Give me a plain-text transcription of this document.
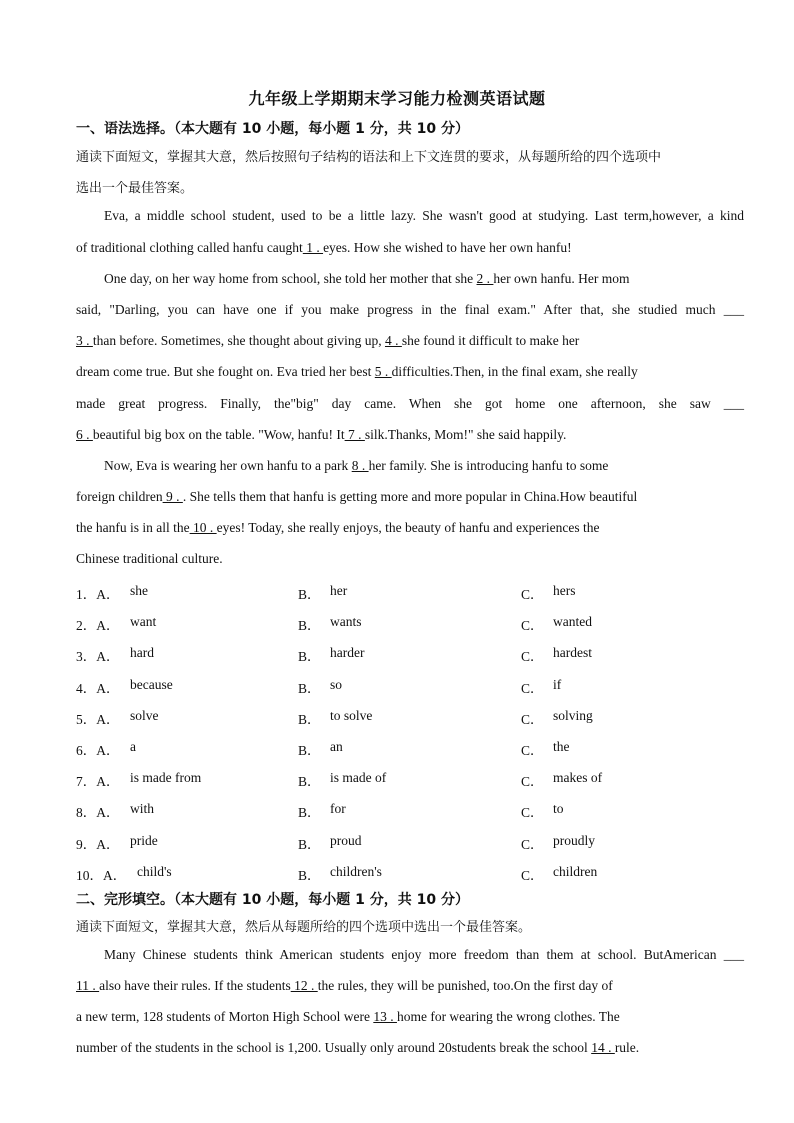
九年级上学期期末学习能力检测英语试题
一、语法选择。（本大题有 10 小题，每小题 1 分，共 10 分）
通读下面短文，掌握其大意，然后按照句子结构的语法和上下文连贯的要求，从每题所给的四个选项中
选出一个最佳答案。
Eva, a middle school student, used to be a little lazy. She wasn't good at studying. Last term,however, a kind
of traditional clothing called hanfu caught 1 . eyes. How she wished to have her own hanfu!
One day, on her way home from school, she told her mother that she 2 . her own hanfu. Her mom
said, "Darling, you can have one if you make progress in the final exam." After that, she studied much ___
3 . than before. Sometimes, she thought about giving up, 4 . she found it difficult to make her
dream come true. But she fought on. Eva tried her best 5 . difficulties.Then, in the final exam, she really
made great progress. Finally, the"big" day came. When she got home one afternoon, she saw ___
6 . beautiful big box on the table. "Wow, hanfu! It 7 . silk.Thanks, Mom!" she said happily.
Now, Eva is wearing her own hanfu to a park 8 . her family. She is introducing hanfu to some
foreign children 9 . . She tells them that hanfu is getting more and more popular in China.How beautiful
the hanfu is in all the 10 . eyes! Today, she really enjoys, the beauty of hanfu and experiences the
Chinese traditional culture.
1．A． she	B． her	C． hers
2．A． want	B． wants	C． wanted
3．A． hard	B． harder	C． hardest
4．A． because	B． so	C． if
5．A． solve	B． to solve	C． solving
6．A． a	B． an	C． the
7．A． is made from	B． is made of	C． makes of
8．A． with	B． for	C． to
9．A． pride	B． proud	C． proudly
10．A． child's	B． children's	C． children
二、完形填空。（本大题有 10 小题，每小题 1 分，共 10 分）
通读下面短文，掌握其大意，然后从每题所给的四个选项中选出一个最佳答案。
Many Chinese students think American students enjoy more freedom than them at school. ButAmerican ___
11 . also have their rules. If the students 12 . the rules, they will be punished, too.On the first day of
a new term, 128 students of Morton High School were 13 . home for wearing the wrong clothes. The
number of the students in the school is 1,200. Usually only around 20students break the school 14 . rule.
